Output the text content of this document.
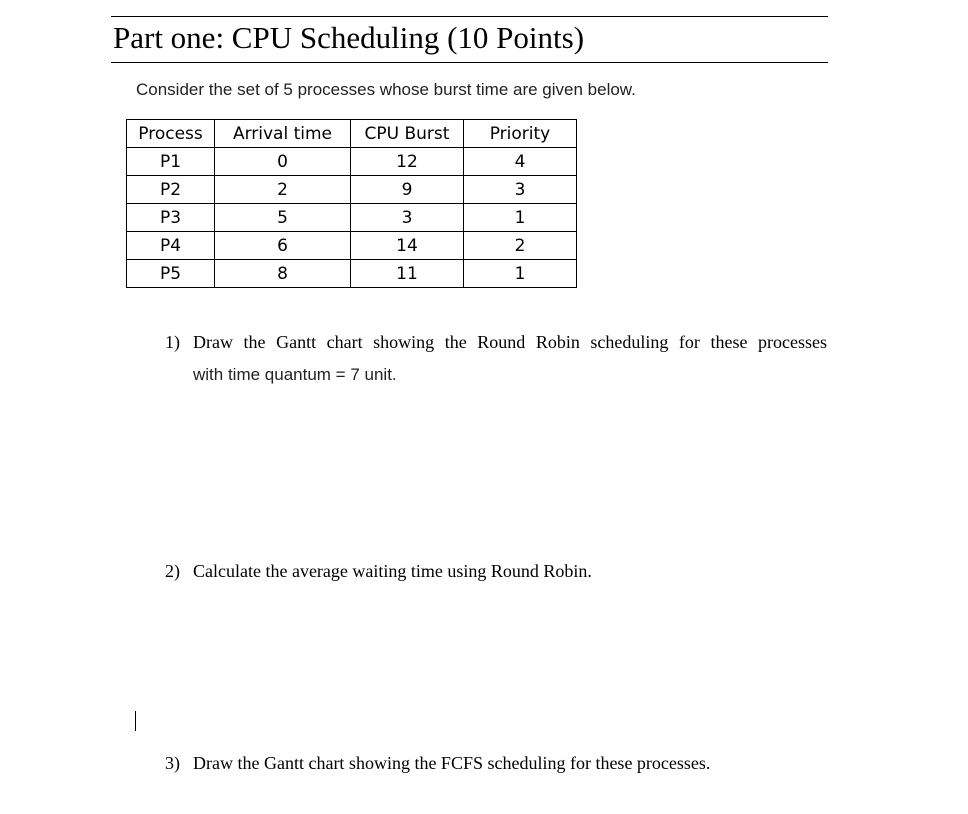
Part one: CPU Scheduling (10 Points)
Consider the set of 5 processes whose burst time are given below.
Process	Arrival time	CPU Burst	Priority
P1	0	12	4
P2	2	9	3
P3	5	3	1
P4	6	14	2
P5	8	11	1
1) Draw the Gantt chart showing the Round Robin scheduling for these processes
with time quantum = 7 unit.
2) Calculate the average waiting time using Round Robin.
3) Draw the Gantt chart showing the FCFS scheduling for these processes.
